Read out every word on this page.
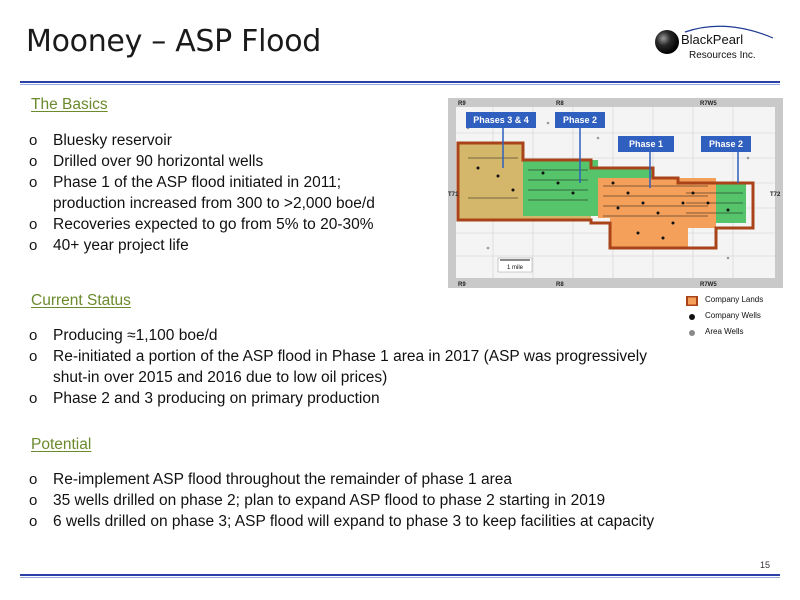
Mooney – ASP Flood	BlackPearl
Resources Inc.
The Basics
o Bluesky reservoir
o Drilled over 90 horizontal wells
o Phase 1 of the ASP flood initiated in 2011;
production increased from 300 to >2,000 boe/d
o Recoveries expected to go from 5% to 20-30%
o 40+ year project life
Current Status
o Producing ≈1,100 boe/d
o Re-initiated a portion of the ASP flood in Phase 1 area in 2017 (ASP was progressively
shut-in over 2015 and 2016 due to low oil prices)
o Phase 2 and 3 producing on primary production
Potential
o Re-implement ASP flood throughout the remainder of phase 1 area
o 35 wells drilled on phase 2; plan to expand ASP flood to phase 2 starting in 2019
o 6 wells drilled on phase 3; ASP flood will expand to phase 3 to keep facilities at capacity
Phases 3 & 4	Phase 2
Phase 1	Phase 2
R9	R8	R7W5
R9	R8	R7W5
T71	T72
1 mile
Company Lands
Company Wells
Area Wells
15
